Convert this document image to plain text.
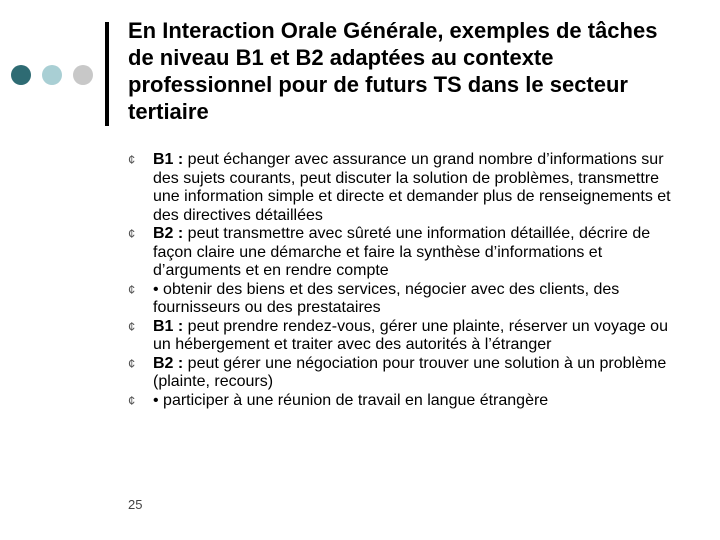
En Interaction Orale Générale, exemples de tâches de niveau B1 et B2 adaptées au contexte professionnel pour de futurs TS dans le secteur tertiaire
¢ B1 : peut échanger avec assurance un grand nombre d’informations sur des sujets courants, peut discuter la solution de problèmes, transmettre une information simple et directe et demander plus de renseignements et des directives détaillées
¢ B2 : peut transmettre avec sûreté une information détaillée, décrire de façon claire une démarche et faire la synthèse d’informations et d’arguments et en rendre compte
¢ • obtenir des biens et des services, négocier avec des clients, des fournisseurs ou des prestataires
¢ B1 : peut prendre rendez-vous, gérer une plainte, réserver un voyage ou un hébergement et traiter avec des autorités à l’étranger
¢ B2 : peut gérer une négociation pour trouver une solution à un problème (plainte, recours)
¢ • participer à une réunion de travail en langue étrangère
25
